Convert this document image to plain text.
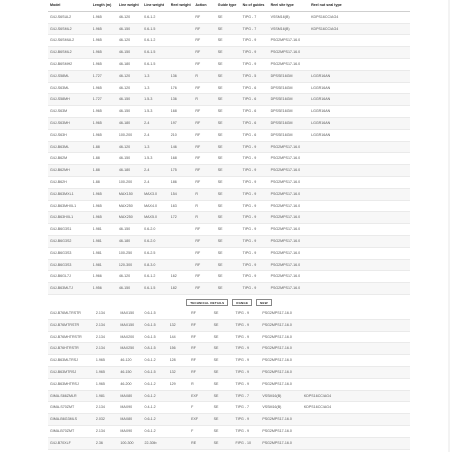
Model	Length (m)	Line weight	Line weight	Reel weight	Action	Guide type	No of guides	Reel site type	Reel nut seal type	
G4J-S6SUL2	1.965	46-120	0.6-1.2		RF	SE	TIPG - 7	VSSM16(B)	KDPS16CC/AG4	
G4J-S6SML2	1.965	46-150	0.6-1.5		RF	SE	TIPG - 7	VSSM16(B)	KDPS16CC/AG4	
G4J-S6SMUL2	1.965	46-120	0.6-1.2		RF	SE	TIPG - 9	PSG2MPS17-16.0		
G4J-B6SML2	1.965	46-150	0.6-1.5		RF	SE	TIPG - 9	PSG2MPS17-16.0		
G4J-B6SMH2	1.965	46-180	0.6-1.5		RF	SE	TIPG - 9	PSG2MPS17-16.0		
G4J-S58ML	1.727	46-120	1-3	136	R	SE	TIPG - 5	DPSSE16GM	LGGR16AN	
G4J-S63ML	1.965	46-120	1-3	176	RF	SE	TIPG - 6	DPSSE16GM	LGGR16AN	
G4J-S58MH	1.727	46-150	1.5-3	136	R	SE	TIPG - 6	DPSSE16GM	LGGR16AN	
G4J-S63M	1.965	46-150	1.5-3	168	RF	SE	TIPG - 6	DPSSE16GM	LGGR16AN	
G4J-S63MH	1.965	46-180	2-4	197	RF	SE	TIPG - 6	DPSSE16GM	LGGR16AN	
G4J-S63H	1.965	100-200	2-4	210	RF	SE	TIPG - 6	DPSSE16GM	LGGR16AN	
G4J-B63ML	1.88	46-120	1-3	146	RF	SE	TIPG - 9	PSG2MPS17-16.0		
G4J-B62M	1.88	46-150	1.5-3	168	RF	SE	TIPG - 9	PSG2MPS17-16.0		
G4J-B62MH	1.88	46-180	2-4	175	RF	SE	TIPG - 9	PSG2MPS17-16.0		
G4J-B62H	1.88	100-200	2-4	186	RF	SE	TIPG - 9	PSG2MPS17-16.0		
G4J-B63MXL1	1.965	MAX150	MAX3.0	154	R	SE	TIPG - 9	PSG2MPS17-16.0		
G4J-B63MHXL1	1.965	MAX250	MAX4.0	163	R	SE	TIPG - 9	PSG2MPS17-16.0		
G4J-B63HXL1	1.965	MAX250	MAX5.0	172	R	SE	TIPG - 9	PSG2MPS17-16.0		
G4J-B6G3S1	1.981	46-150	0.6-2.0		RF	SE	TIPG - 9	PSG2MPS17-16.0		
G4J-B6G3S2	1.981	46-180	0.6-2.0		RF	SE	TIPG - 9	PSG2MPS17-16.0		
G4J-B6G3S3	1.981	100-250	0.6-2.5		RF	SE	TIPG - 9	PSG2MPS17-16.0		
G4J-B6G3S3	1.981	120-300	0.8-3.0		RF	SE	TIPG - 9	PSG2MPS17-16.0		
G4J-B6GL7J	1.966	46-120	0.6-1.2	162	RF	SE	TIPG - 9	PSG2MPS17-16.0		
G4J-B63MLTJ	1.956	46-150	0.6-1.5	182	RF	SE	TIPG - 9	PSG2MPS17-16.0		

TECHNICAL DETAILS	RANGE	NEW
G4J-B76MLTRSTR	2.134	MAX150	0.6-1.5		RF	SE	TIPG - 9	PSG2MPS17-16.0		
G4J-B76MTRSTR	2.134	MAX150	0.6-1.5	132	RF	SE	TIPG - 9	PSG2MPS17-16.0		
G4J-B76MHTRSTR	2.134	MAX200	0.6-1.5	144	RF	SE	TIPG - 9	PSG2MPS17-16.0		
G4J-B76HTRSTR	2.134	MAX250	0.8-1.5	156	RF	SE	TIPG - 9	PSG2MPS17-16.0		
G4J-B63MLTRSJ	1.965	46-120	0.6-1.2	128	RF	SE	TIPG - 9	PSG2MPS17-16.0		
G4J-B63MTRSJ	1.965	46-150	0.6-1.5	132	RF	SE	TIPG - 9	PSG2MPS17-16.0		
G4J-B63MHTRSJ	1.965	46-200	0.6-1.2	129	R	SE	TIPG - 9	PSG2MPS17-16.0		
GIMA-S66ZMLR	1.981	MAX80	0.6-1.2		EXF	SE	TIPG - 7	VSSM16(B)	KDPS16CC/AG4	
GIMA-S70ZMT	2.134	MAX90	0.4-1.2		F	SE	TIPG - 7	VSSM16(B)	KDPS16CC/AG4	
GIMA-B6G3MLS	2.032	MAX80	0.6-1.2		EXF	SE	TIPG - 9	PSG2MPS17-16.0		
GIMA-B70ZMT	2.134	MAX90	0.6-1.2		F	SE	TIPG - 9	PSG2MPS17-16.0		
G4J-B70XLF	2.36	100-300	22-30lb		RE	SE	FIPG - 10	PSG2MPS17-16.0		
